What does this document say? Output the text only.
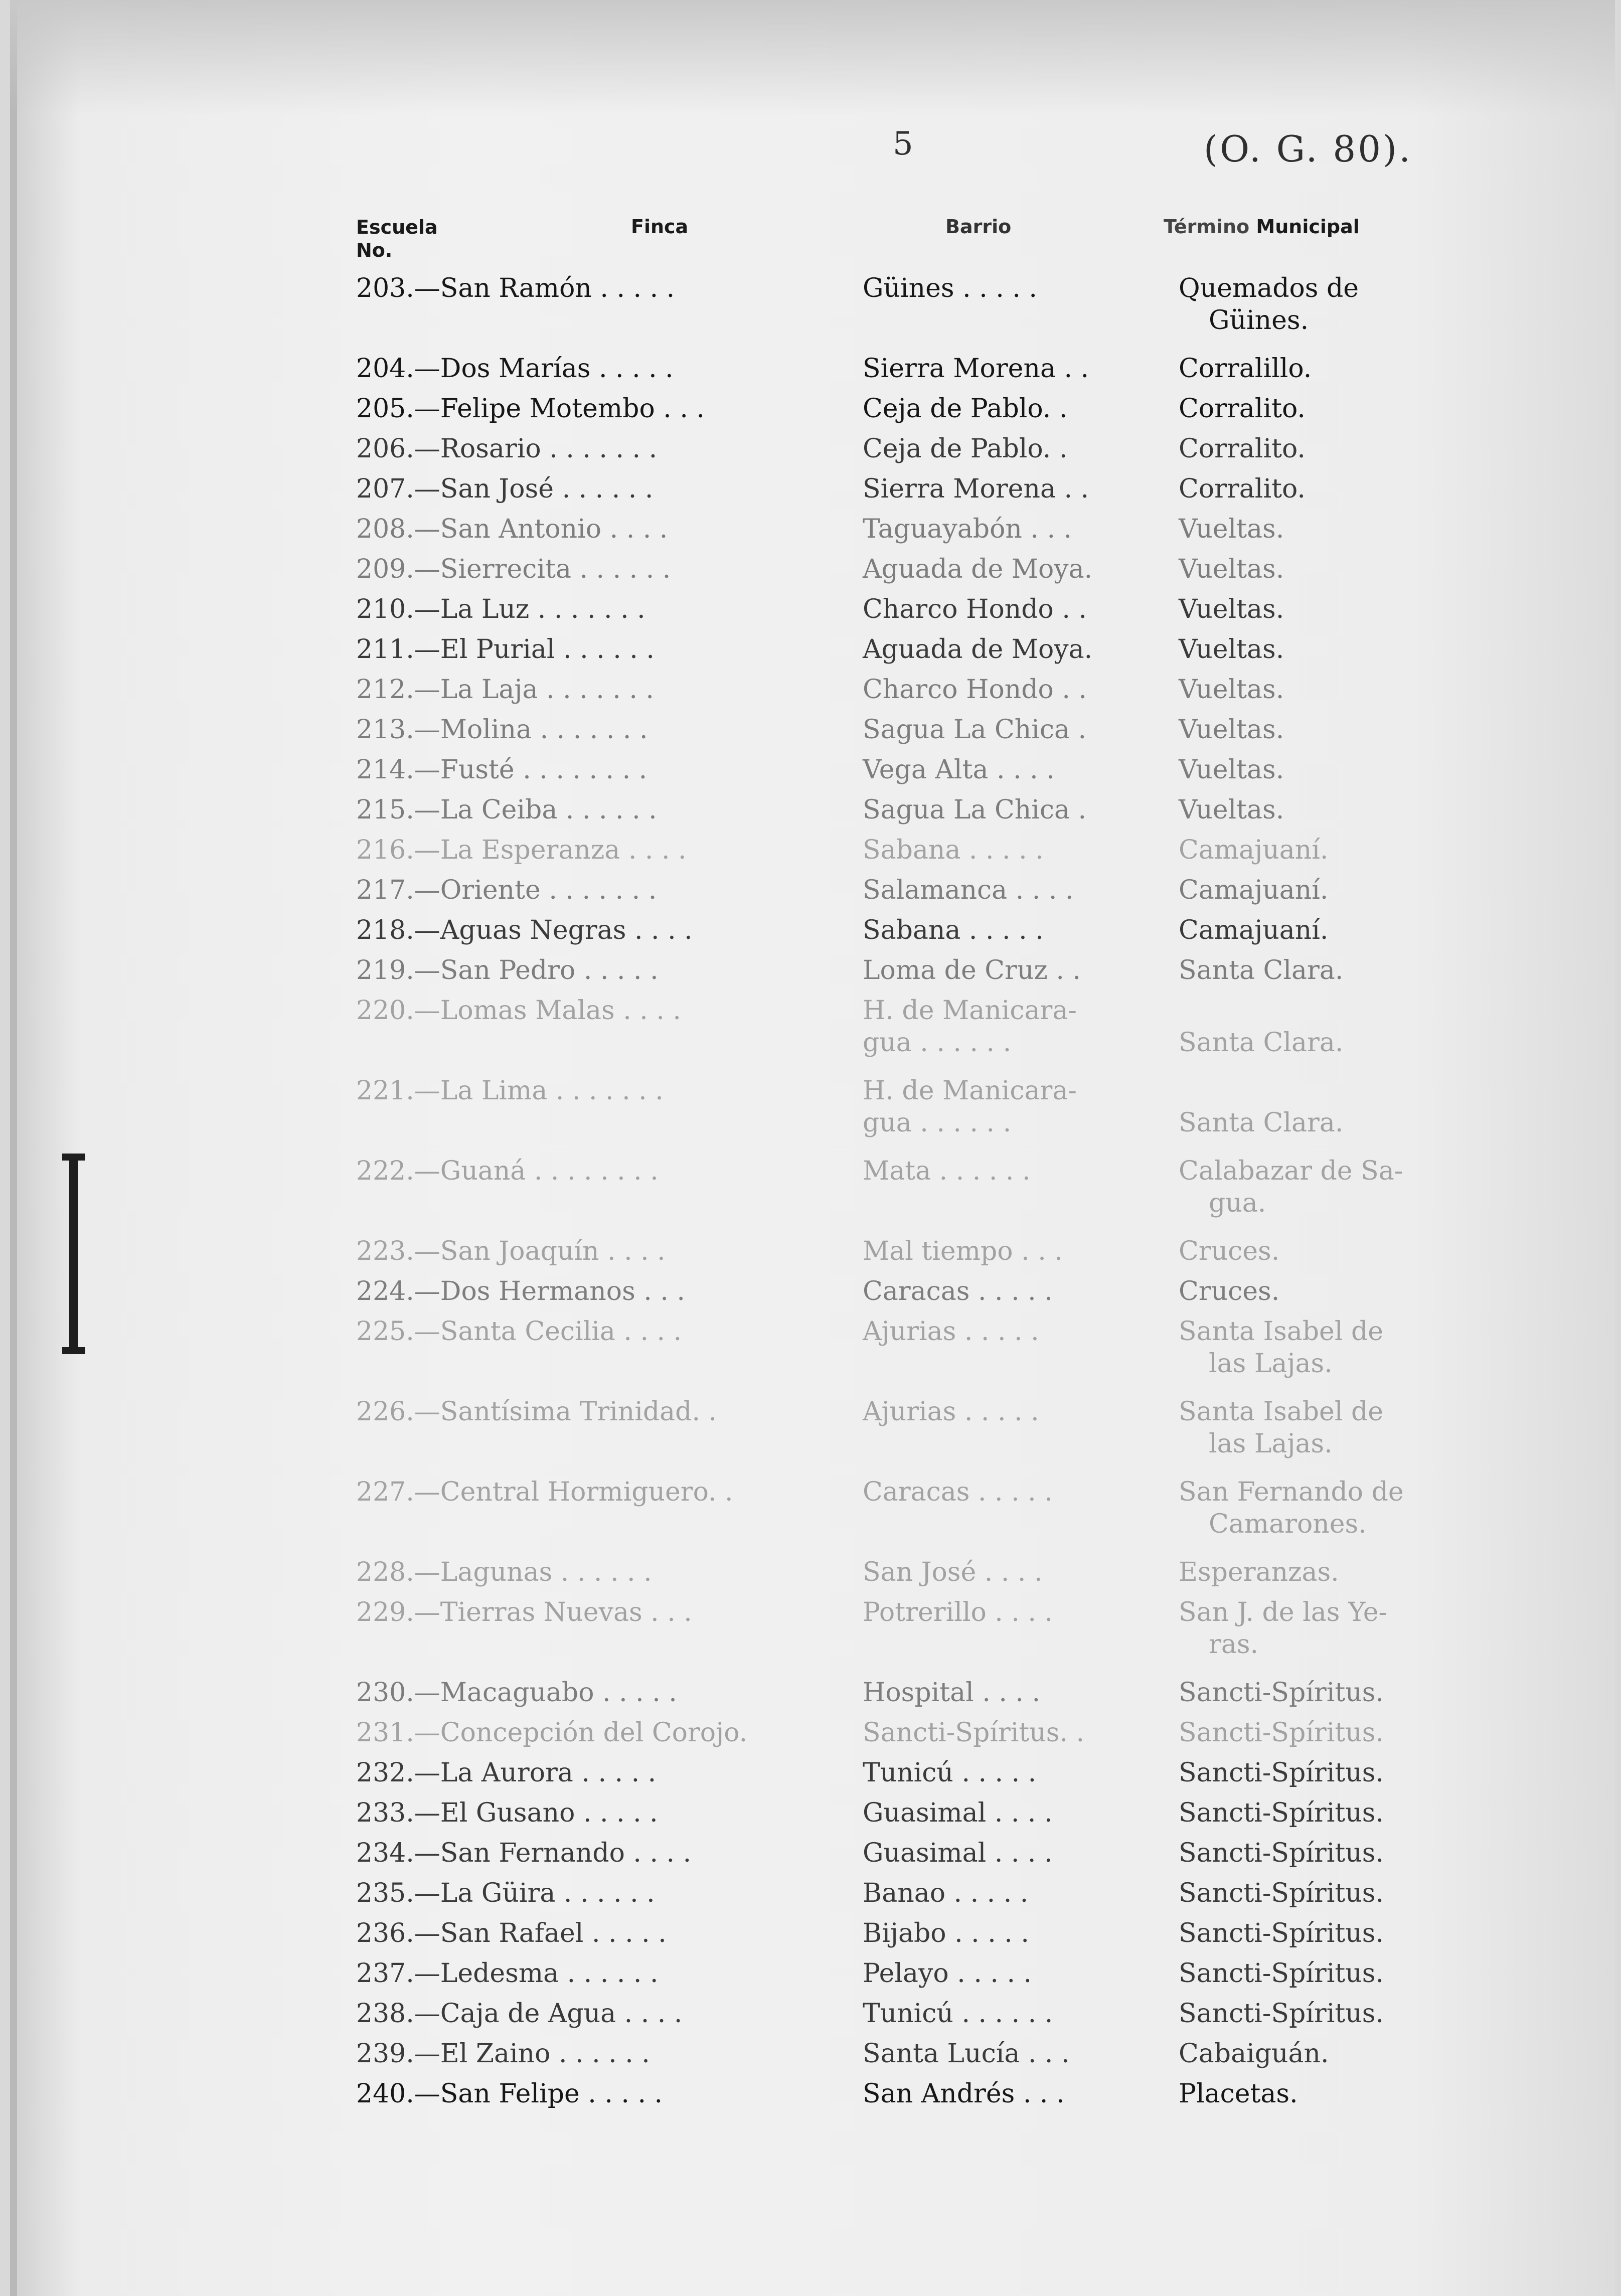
5	(O. G. 80).
Escuela
No.
Finca	Barrio	Término Municipal
203.—San Ramón . . . . .	Güines . . . . .	Quemados de
Güines.
204.—Dos Marías . . . . .	Sierra Morena . .	Corralillo.
205.—Felipe Motembo . . .	Ceja de Pablo. .	Corralito.
206.—Rosario . . . . . . .	Ceja de Pablo. .	Corralito.
207.—San José . . . . . .	Sierra Morena . .	Corralito.
208.—San Antonio . . . .	Taguayabón . . .	Vueltas.
209.—Sierrecita . . . . . .	Aguada de Moya.	Vueltas.
210.—La Luz . . . . . . .	Charco Hondo . .	Vueltas.
211.—El Purial . . . . . .	Aguada de Moya.	Vueltas.
212.—La Laja . . . . . . .	Charco Hondo . .	Vueltas.
213.—Molina . . . . . . .	Sagua La Chica .	Vueltas.
214.—Fusté . . . . . . . .	Vega Alta . . . .	Vueltas.
215.—La Ceiba . . . . . .	Sagua La Chica .	Vueltas.
216.—La Esperanza . . . .	Sabana . . . . .	Camajuaní.
217.—Oriente . . . . . . .	Salamanca . . . .	Camajuaní.
218.—Aguas Negras . . . .	Sabana . . . . .	Camajuaní.
219.—San Pedro . . . . .	Loma de Cruz . .	Santa Clara.
220.—Lomas Malas . . . .	H. de Manicara-
gua . . . . . .
	Santa Clara.
221.—La Lima . . . . . . .	H. de Manicara-
gua . . . . . .
	Santa Clara.
222.—Guaná . . . . . . . .	Mata . . . . . .	Calabazar de Sa-
gua.
223.—San Joaquín . . . .	Mal tiempo . . .	Cruces.
224.—Dos Hermanos . . .	Caracas . . . . .	Cruces.
225.—Santa Cecilia . . . .	Ajurias . . . . .	Santa Isabel de
las Lajas.
226.—Santísima Trinidad. .	Ajurias . . . . .	Santa Isabel de
las Lajas.
227.—Central Hormiguero. .	Caracas . . . . .	San Fernando de
Camarones.
228.—Lagunas . . . . . .	San José . . . .	Esperanzas.
229.—Tierras Nuevas . . .	Potrerillo . . . .	San J. de las Ye-
ras.
230.—Macaguabo . . . . .	Hospital . . . .	Sancti-Spíritus.
231.—Concepción del Corojo.	Sancti-Spíritus. .	Sancti-Spíritus.
232.—La Aurora . . . . .	Tunicú . . . . .	Sancti-Spíritus.
233.—El Gusano . . . . .	Guasimal . . . .	Sancti-Spíritus.
234.—San Fernando . . . .	Guasimal . . . .	Sancti-Spíritus.
235.—La Güira . . . . . .	Banao . . . . .	Sancti-Spíritus.
236.—San Rafael . . . . .	Bijabo . . . . .	Sancti-Spíritus.
237.—Ledesma . . . . . .	Pelayo . . . . .	Sancti-Spíritus.
238.—Caja de Agua . . . .	Tunicú . . . . . .	Sancti-Spíritus.
239.—El Zaino . . . . . .	Santa Lucía . . .	Cabaiguán.
240.—San Felipe . . . . .	San Andrés . . .	Placetas.
